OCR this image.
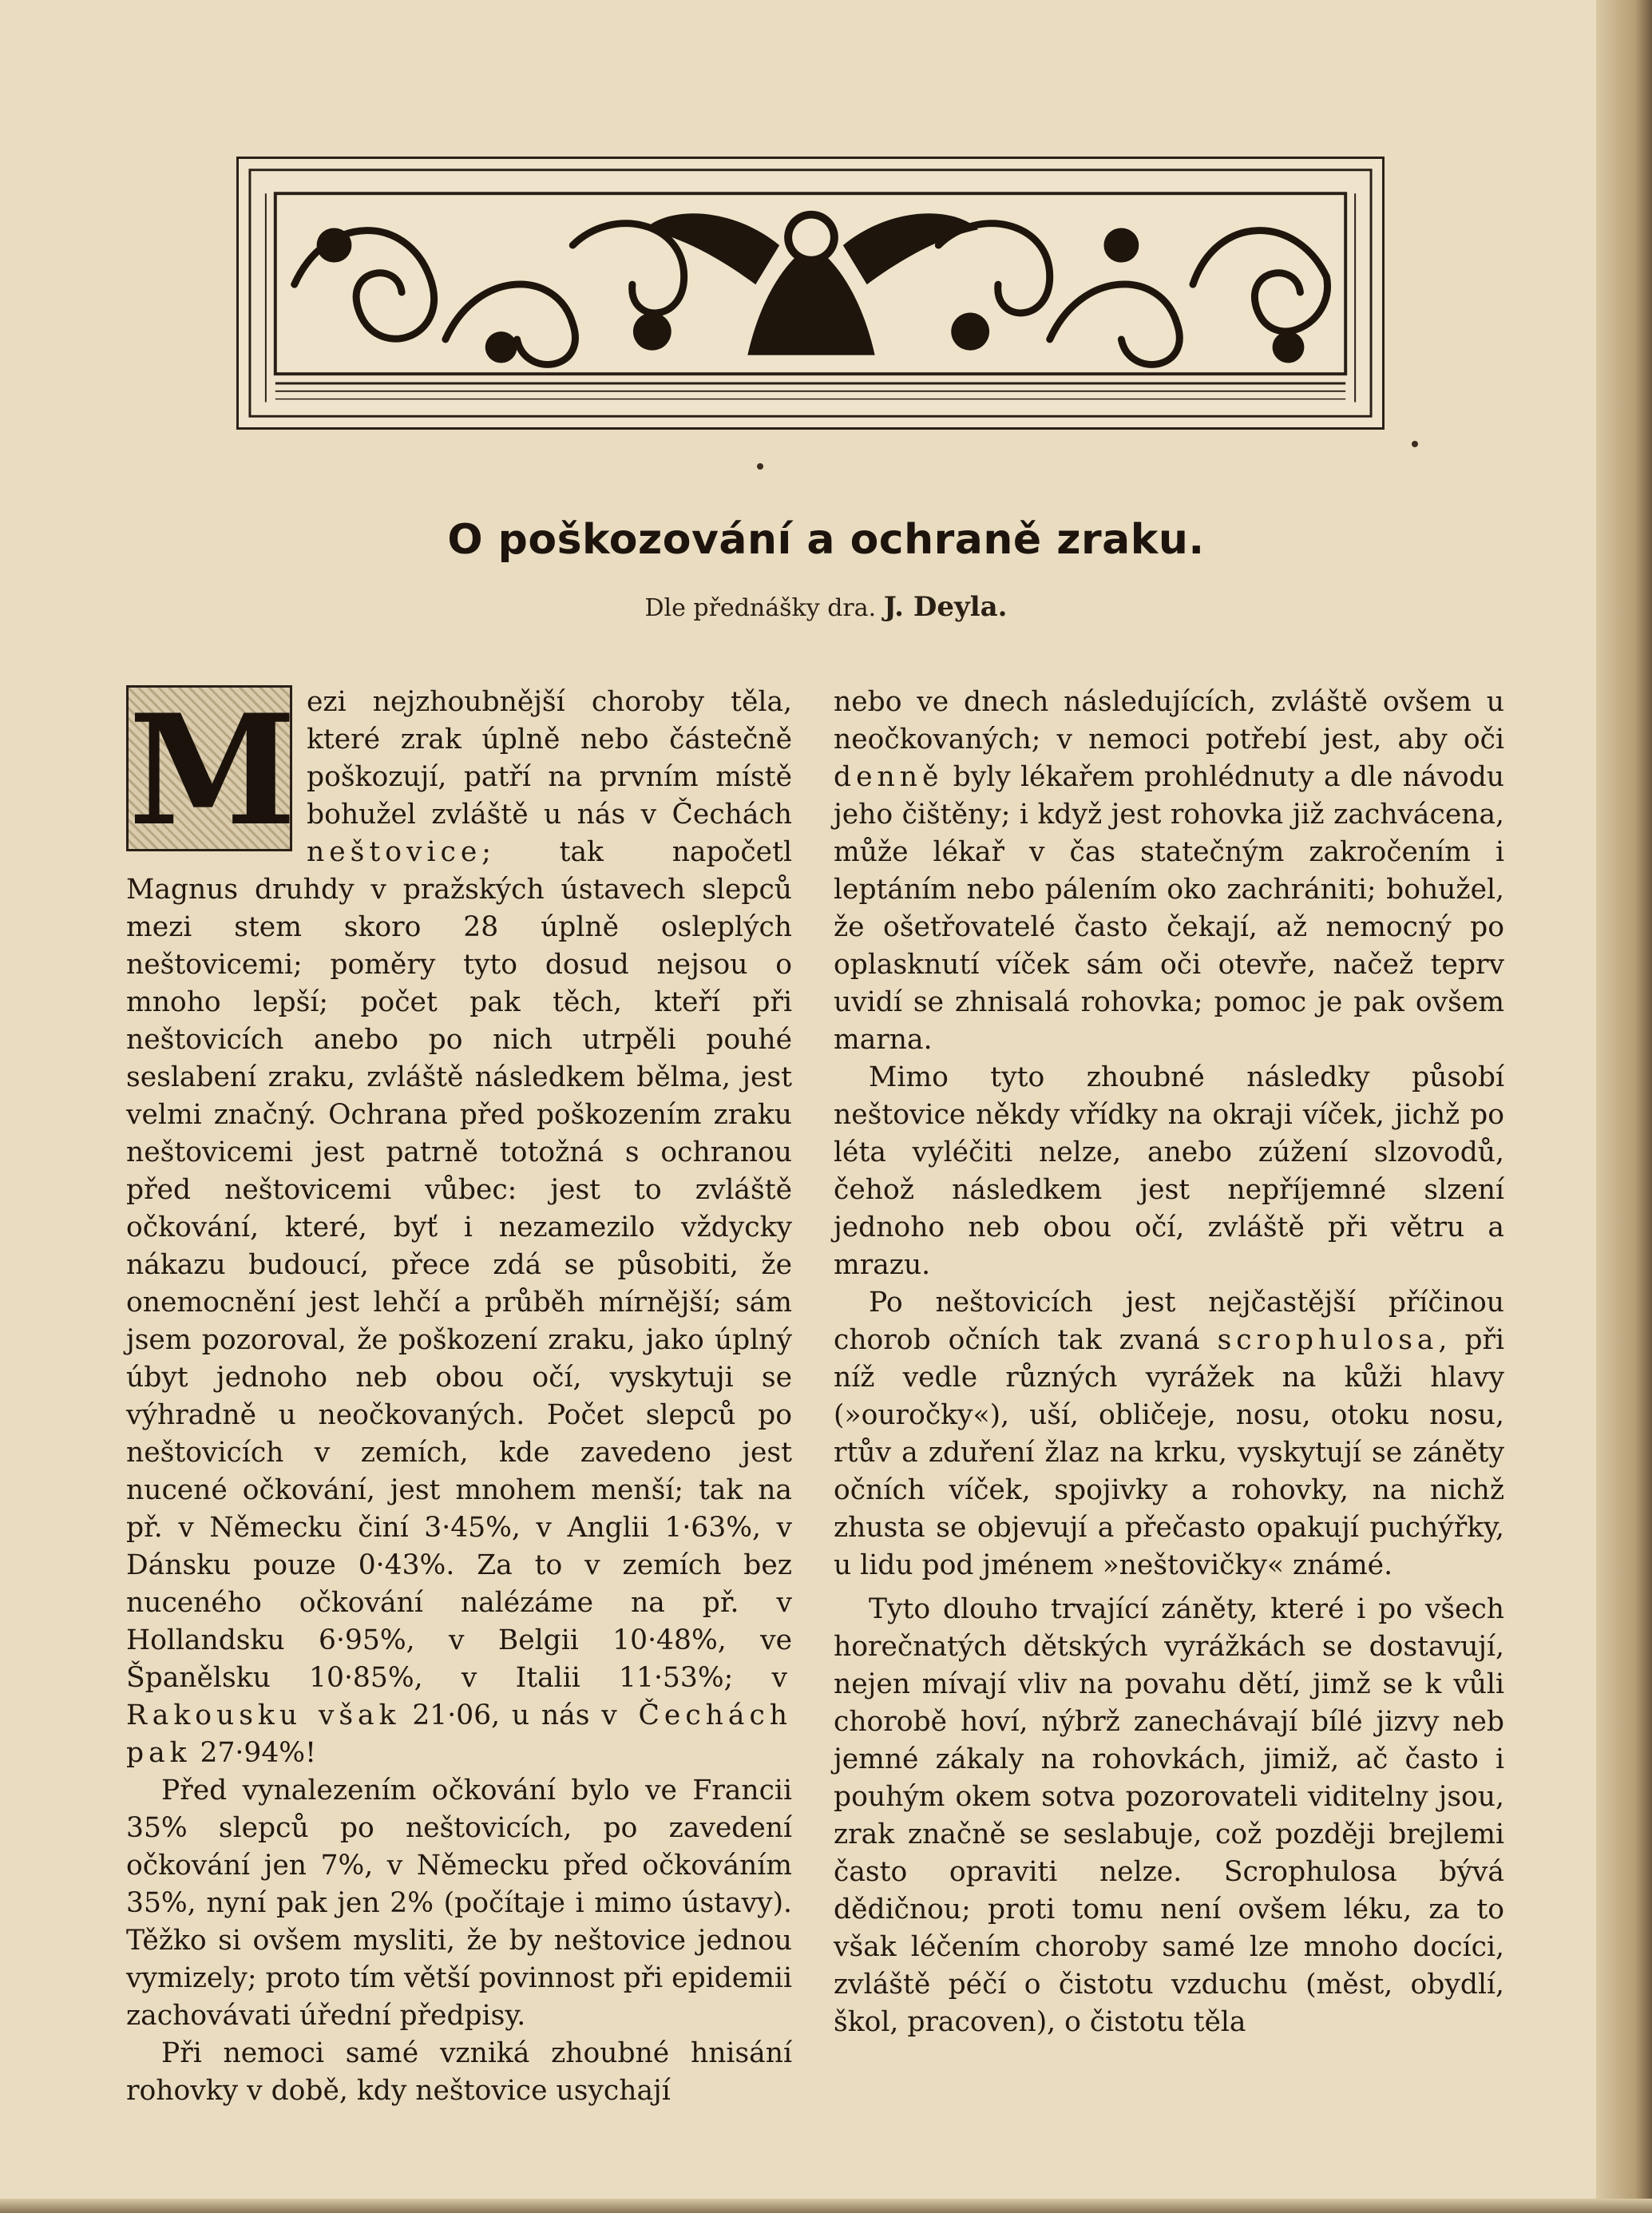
O poškozování a ochraně zraku.
Dle přednášky dra. J. Deyla.

M ezi nejzhoubnější choroby těla, které zrak úplně nebo částečně poškozují, patří na prvním místě bohužel zvláště u nás v Čechách neštovice; tak napočetl Magnus druhdy v pražských ústavech slepců mezi stem skoro 28 úplně osleplých neštovicemi; poměry tyto dosud nejsou o mnoho lepší; počet pak těch, kteří při neštovicích anebo po nich utrpěli pouhé seslabení zraku, zvláště následkem bělma, jest velmi značný. Ochrana před poškozením zraku neštovicemi jest patrně totožná s ochranou před neštovicemi vůbec: jest to zvláště očkování, které, byť i nezamezilo vždycky nákazu budoucí, přece zdá se působiti, že onemocnění jest lehčí a průběh mírnější; sám jsem pozoroval, že poškození zraku, jako úplný úbyt jednoho neb obou očí, vyskytuji se výhradně u neočkovaných. Počet slepců po neštovicích v zemích, kde zavedeno jest nucené očkování, jest mnohem menší; tak na př. v Německu činí 3·45%, v Anglii 1·63%, v Dánsku pouze 0·43%. Za to v zemích bez nuceného očkování nalézáme na př. v Hollandsku 6·95%, v Belgii 10·48%, ve Španělsku 10·85%, v Italii 11·53%; v Rakousku však 21·06, u nás v Čechách pak 27·94%!

Před vynalezením očkování bylo ve Francii 35% slepců po neštovicích, po zavedení očkování jen 7%, v Německu před očkováním 35%, nyní pak jen 2% (počítaje i mimo ústavy). Těžko si ovšem mysliti, že by neštovice jednou vymizely; proto tím větší povinnost při epidemii zachovávati úřední předpisy.

Při nemoci samé vzniká zhoubné hnisání rohovky v době, kdy neštovice usychají

nebo ve dnech následujících, zvláště ovšem u neočkovaných; v nemoci potřebí jest, aby oči denně byly lékařem prohlédnuty a dle návodu jeho čištěny; i když jest rohovka již zachvácena, může lékař v čas statečným zakročením i leptáním nebo pálením oko zachrániti; bohužel, že ošetřovatelé často čekají, až nemocný po oplasknutí víček sám oči otevře, načež teprv uvidí se zhnisalá rohovka; pomoc je pak ovšem marna.

Mimo tyto zhoubné následky působí neštovice někdy vřídky na okraji víček, jichž po léta vyléčiti nelze, anebo zúžení slzovodů, čehož následkem jest nepříjemné slzení jednoho neb obou očí, zvláště při větru a mrazu.

Po neštovicích jest nejčastější příčinou chorob očních tak zvaná scrophulosa, při níž vedle různých vyrážek na kůži hlavy (»ouročky«), uší, obličeje, nosu, otoku nosu, rtův a zduření žlaz na krku, vyskytují se záněty očních víček, spojivky a rohovky, na nichž zhusta se objevují a přečasto opakují puchýřky, u lidu pod jménem »neštovičky« známé.

Tyto dlouho trvající záněty, které i po všech horečnatých dětských vyrážkách se dostavují, nejen mívají vliv na povahu dětí, jimž se k vůli chorobě hoví, nýbrž zanechávají bílé jizvy neb jemné zákaly na rohovkách, jimiž, ač často i pouhým okem sotva pozorovateli viditelny jsou, zrak značně se seslabuje, což později brejlemi často opraviti nelze. Scrophulosa bývá dědičnou; proti tomu není ovšem léku, za to však léčením choroby samé lze mnoho docíci, zvláště péčí o čistotu vzduchu (měst, obydlí, škol, pracoven), o čistotu těla
